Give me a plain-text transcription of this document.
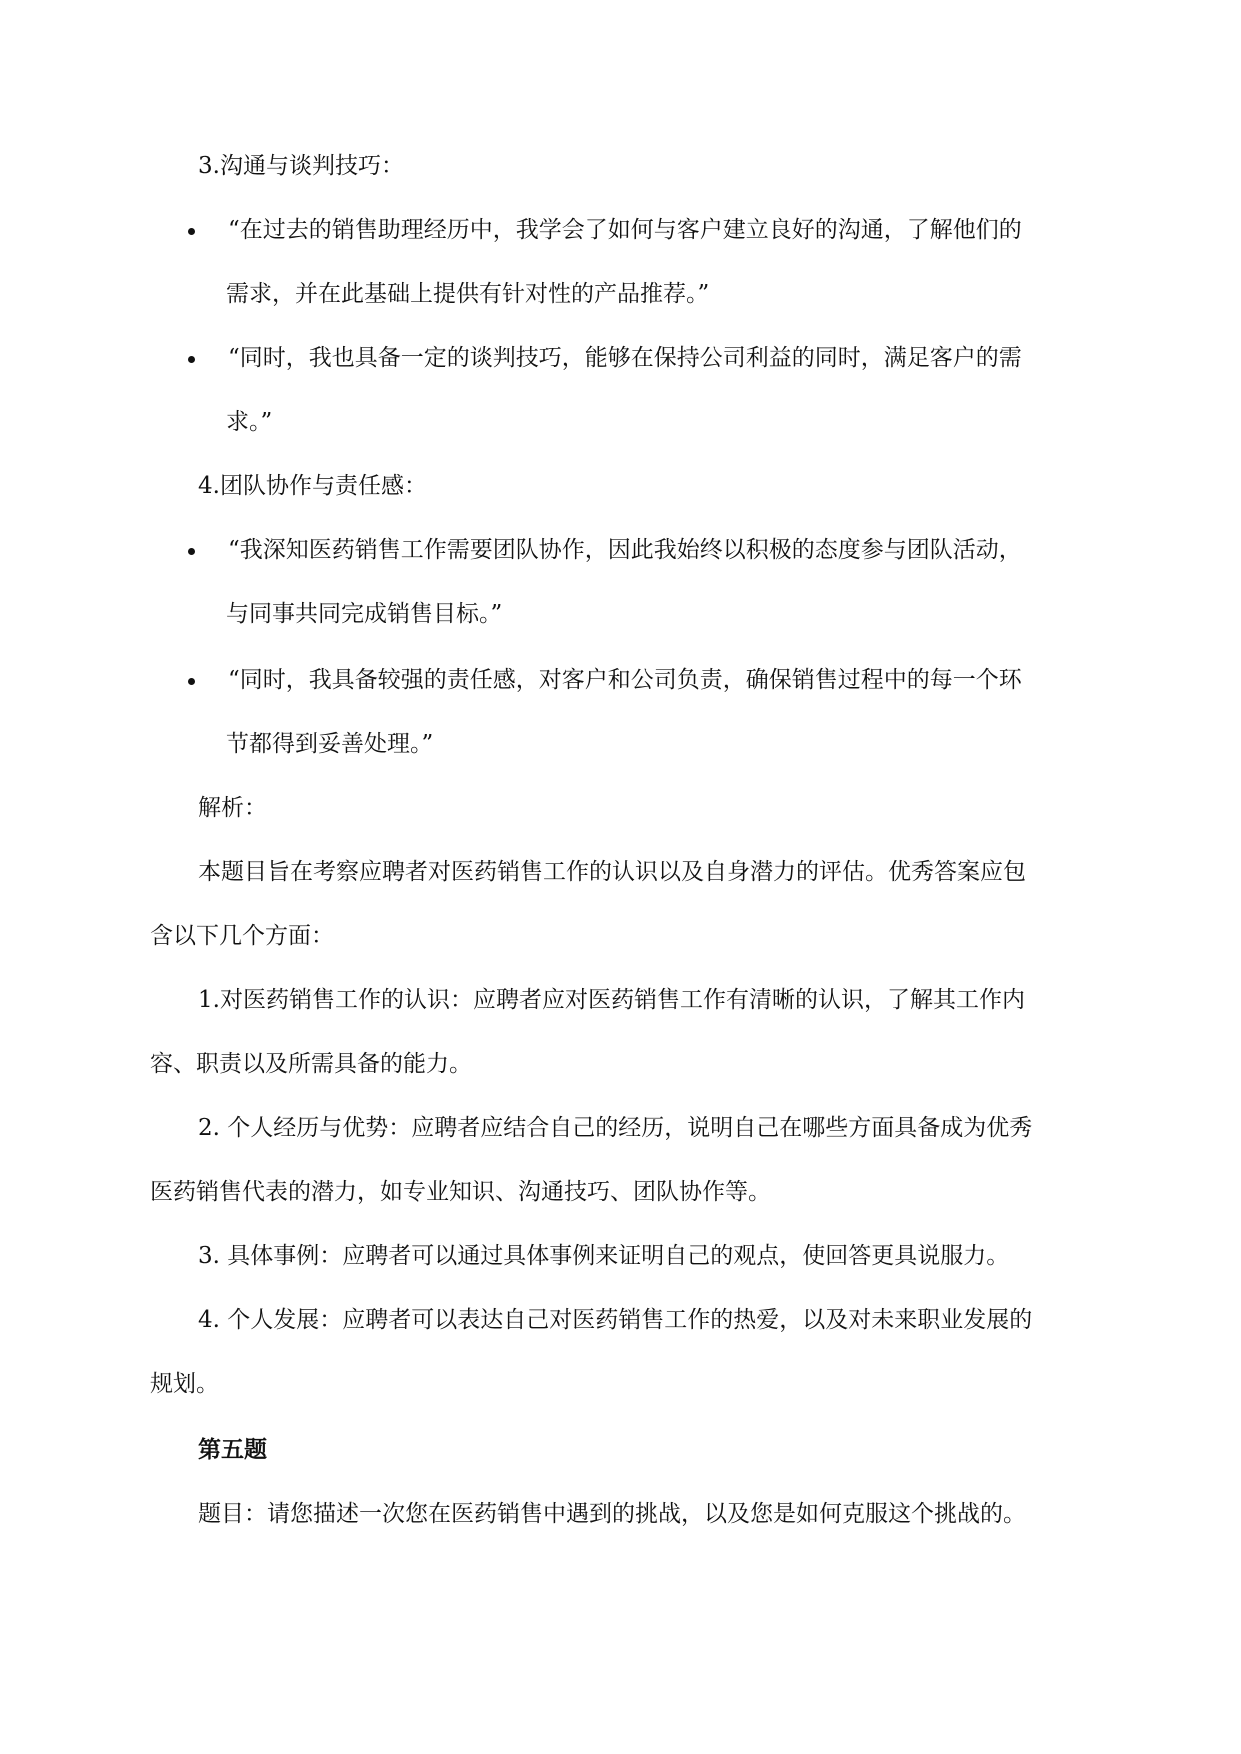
3.沟通与谈判技巧：
“在过去的销售助理经历中，我学会了如何与客户建立良好的沟通，了解他们的
需求，并在此基础上提供有针对性的产品推荐。”
“同时，我也具备一定的谈判技巧，能够在保持公司利益的同时，满足客户的需
求。”
4.团队协作与责任感：
“我深知医药销售工作需要团队协作，因此我始终以积极的态度参与团队活动，
与同事共同完成销售目标。”
“同时，我具备较强的责任感，对客户和公司负责，确保销售过程中的每一个环
节都得到妥善处理。”
解析：
本题目旨在考察应聘者对医药销售工作的认识以及自身潜力的评估。优秀答案应包
含以下几个方面：
1.对医药销售工作的认识：应聘者应对医药销售工作有清晰的认识，了解其工作内
容、职责以及所需具备的能力。
2. 个人经历与优势：应聘者应结合自己的经历，说明自己在哪些方面具备成为优秀
医药销售代表的潜力，如专业知识、沟通技巧、团队协作等。
3. 具体事例：应聘者可以通过具体事例来证明自己的观点，使回答更具说服力。
4. 个人发展：应聘者可以表达自己对医药销售工作的热爱，以及对未来职业发展的
规划。
第五题
题目：请您描述一次您在医药销售中遇到的挑战，以及您是如何克服这个挑战的。
